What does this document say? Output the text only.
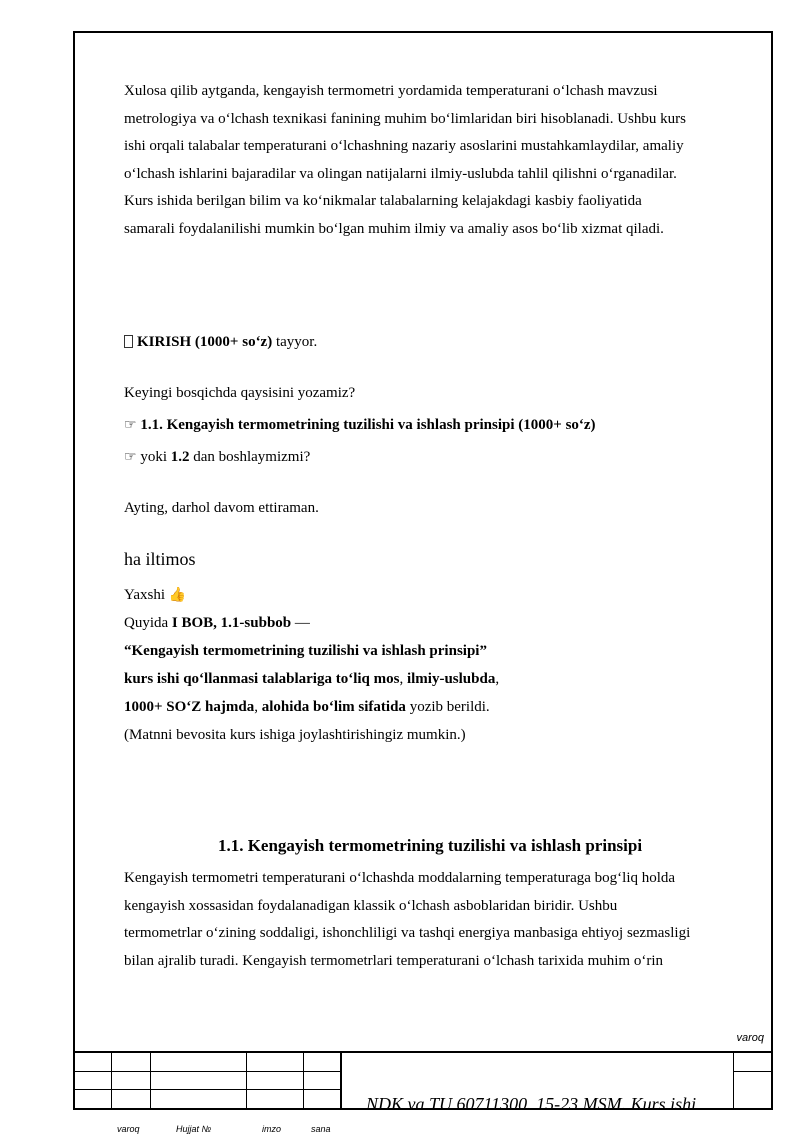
Xulosa qilib aytganda, kengayish termometri yordamida temperaturani o‘lchash mavzusi

metrologiya va o‘lchash texnikasi fanining muhim bo‘limlaridan biri hisoblanadi. Ushbu kurs

ishi orqali talabalar temperaturani o‘lchashning nazariy asoslarini mustahkamlaydilar, amaliy

o‘lchash ishlarini bajaradilar va olingan natijalarni ilmiy-uslubda tahlil qilishni o‘rganadilar.

Kurs ishida berilgan bilim va ko‘nikmalar talabalarning kelajakdagi kasbiy faoliyatida

samarali foydalanilishi mumkin bo‘lgan muhim ilmiy va amaliy asos bo‘lib xizmat qiladi.

KIRISH (1000+ so‘z) tayyor.

Keyingi bosqichda qaysisini yozamiz?

☞ 1.1. Kengayish termometrining tuzilishi va ishlash prinsipi (1000+ so‘z)

☞ yoki 1.2 dan boshlaymizmi?

Ayting, darhol davom ettiraman.

ha iltimos

Yaxshi 👍

Quyida I BOB, 1.1-subbob —

“Kengayish termometrining tuzilishi va ishlash prinsipi”

kurs ishi qo‘llanmasi talablariga to‘liq mos, ilmiy-uslubda,

1000+ SO‘Z hajmda, alohida bo‘lim sifatida yozib berildi.

(Matnni bevosita kurs ishiga joylashtirishingiz mumkin.)

1.1. Kengayish termometrining tuzilishi va ishlash prinsipi

Kengayish termometri temperaturani o‘lchashda moddalarning temperaturaga bog‘liq holda

kengayish xossasidan foydalanadigan klassik o‘lchash asboblaridan biridir. Ushbu

termometrlar o‘zining soddaligi, ishonchliligi va tashqi energiya manbasiga ehtiyoj sezmasligi

bilan ajralib turadi. Kengayish termometrlari temperaturani o‘lchash tarixida muhim o‘rin

varoq
NDK va TU 60711300. 15-23 MSM. Kurs ishi
varoq	Hujjat №	imzo	sana
